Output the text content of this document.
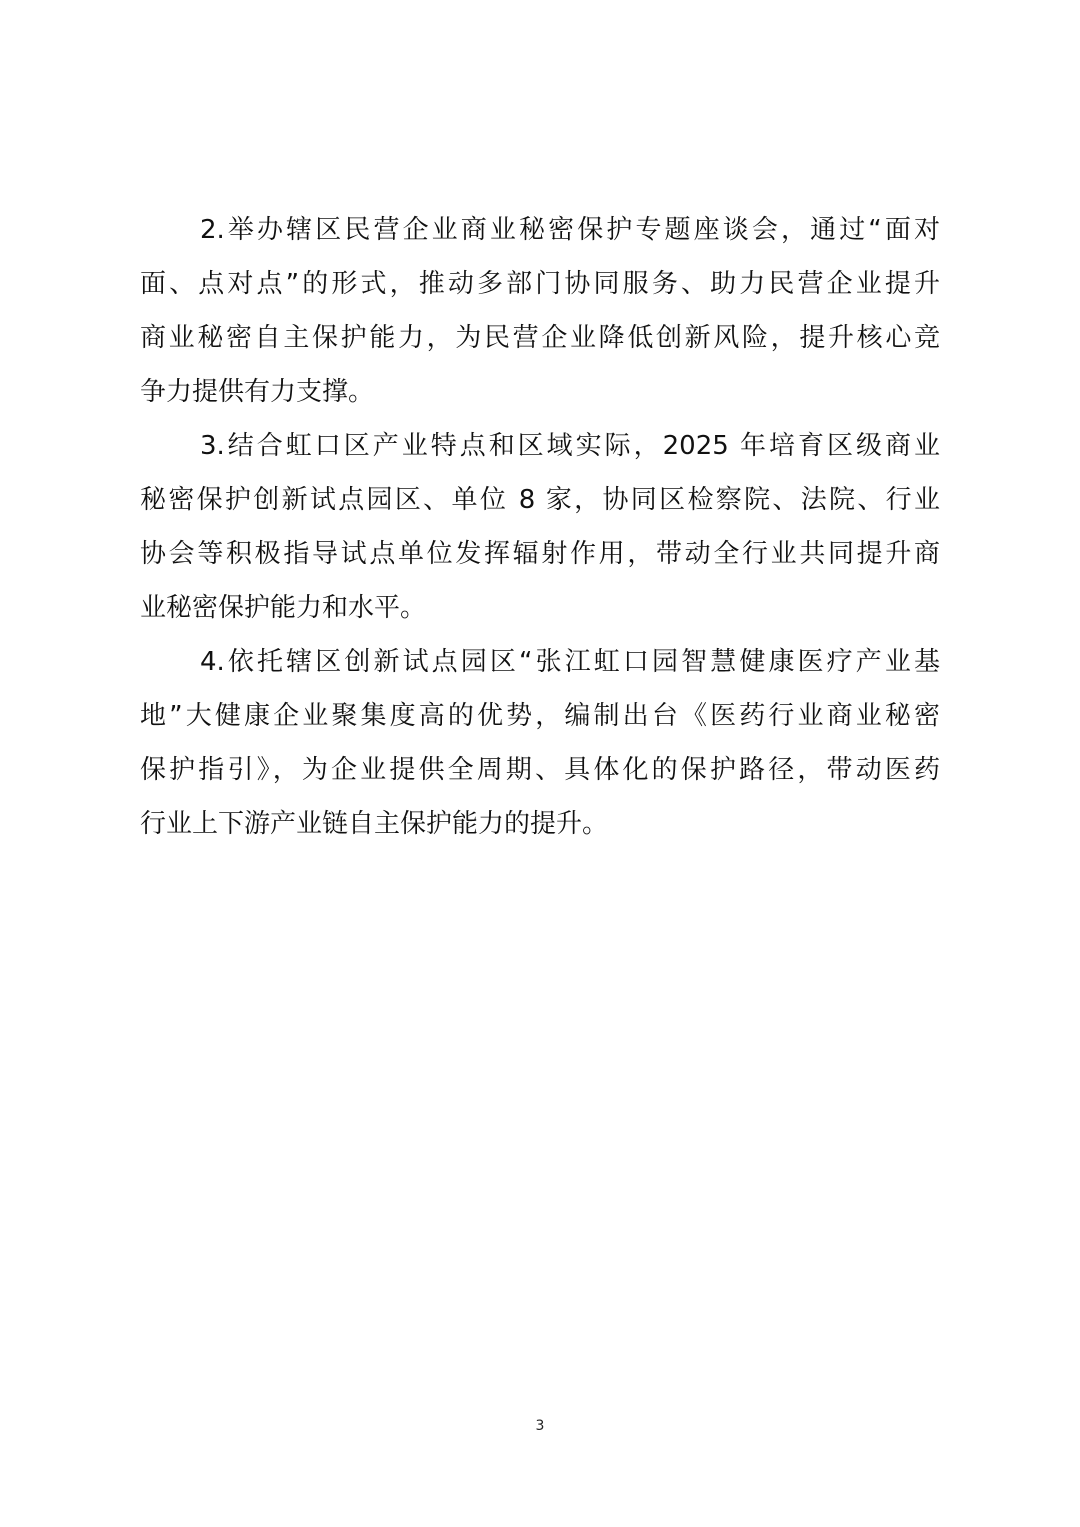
2.举办辖区民营企业商业秘密保护专题座谈会，通过“面对
面、点对点”的形式，推动多部门协同服务、助力民营企业提升
商业秘密自主保护能力，为民营企业降低创新风险，提升核心竞
争力提供有力支撑。
3.结合虹口区产业特点和区域实际，2025 年培育区级商业
秘密保护创新试点园区、单位 8 家，协同区检察院、法院、行业
协会等积极指导试点单位发挥辐射作用，带动全行业共同提升商
业秘密保护能力和水平。
4.依托辖区创新试点园区“张江虹口园智慧健康医疗产业基
地”大健康企业聚集度高的优势，编制出台《医药行业商业秘密
保护指引》，为企业提供全周期、具体化的保护路径，带动医药
行业上下游产业链自主保护能力的提升。
3
